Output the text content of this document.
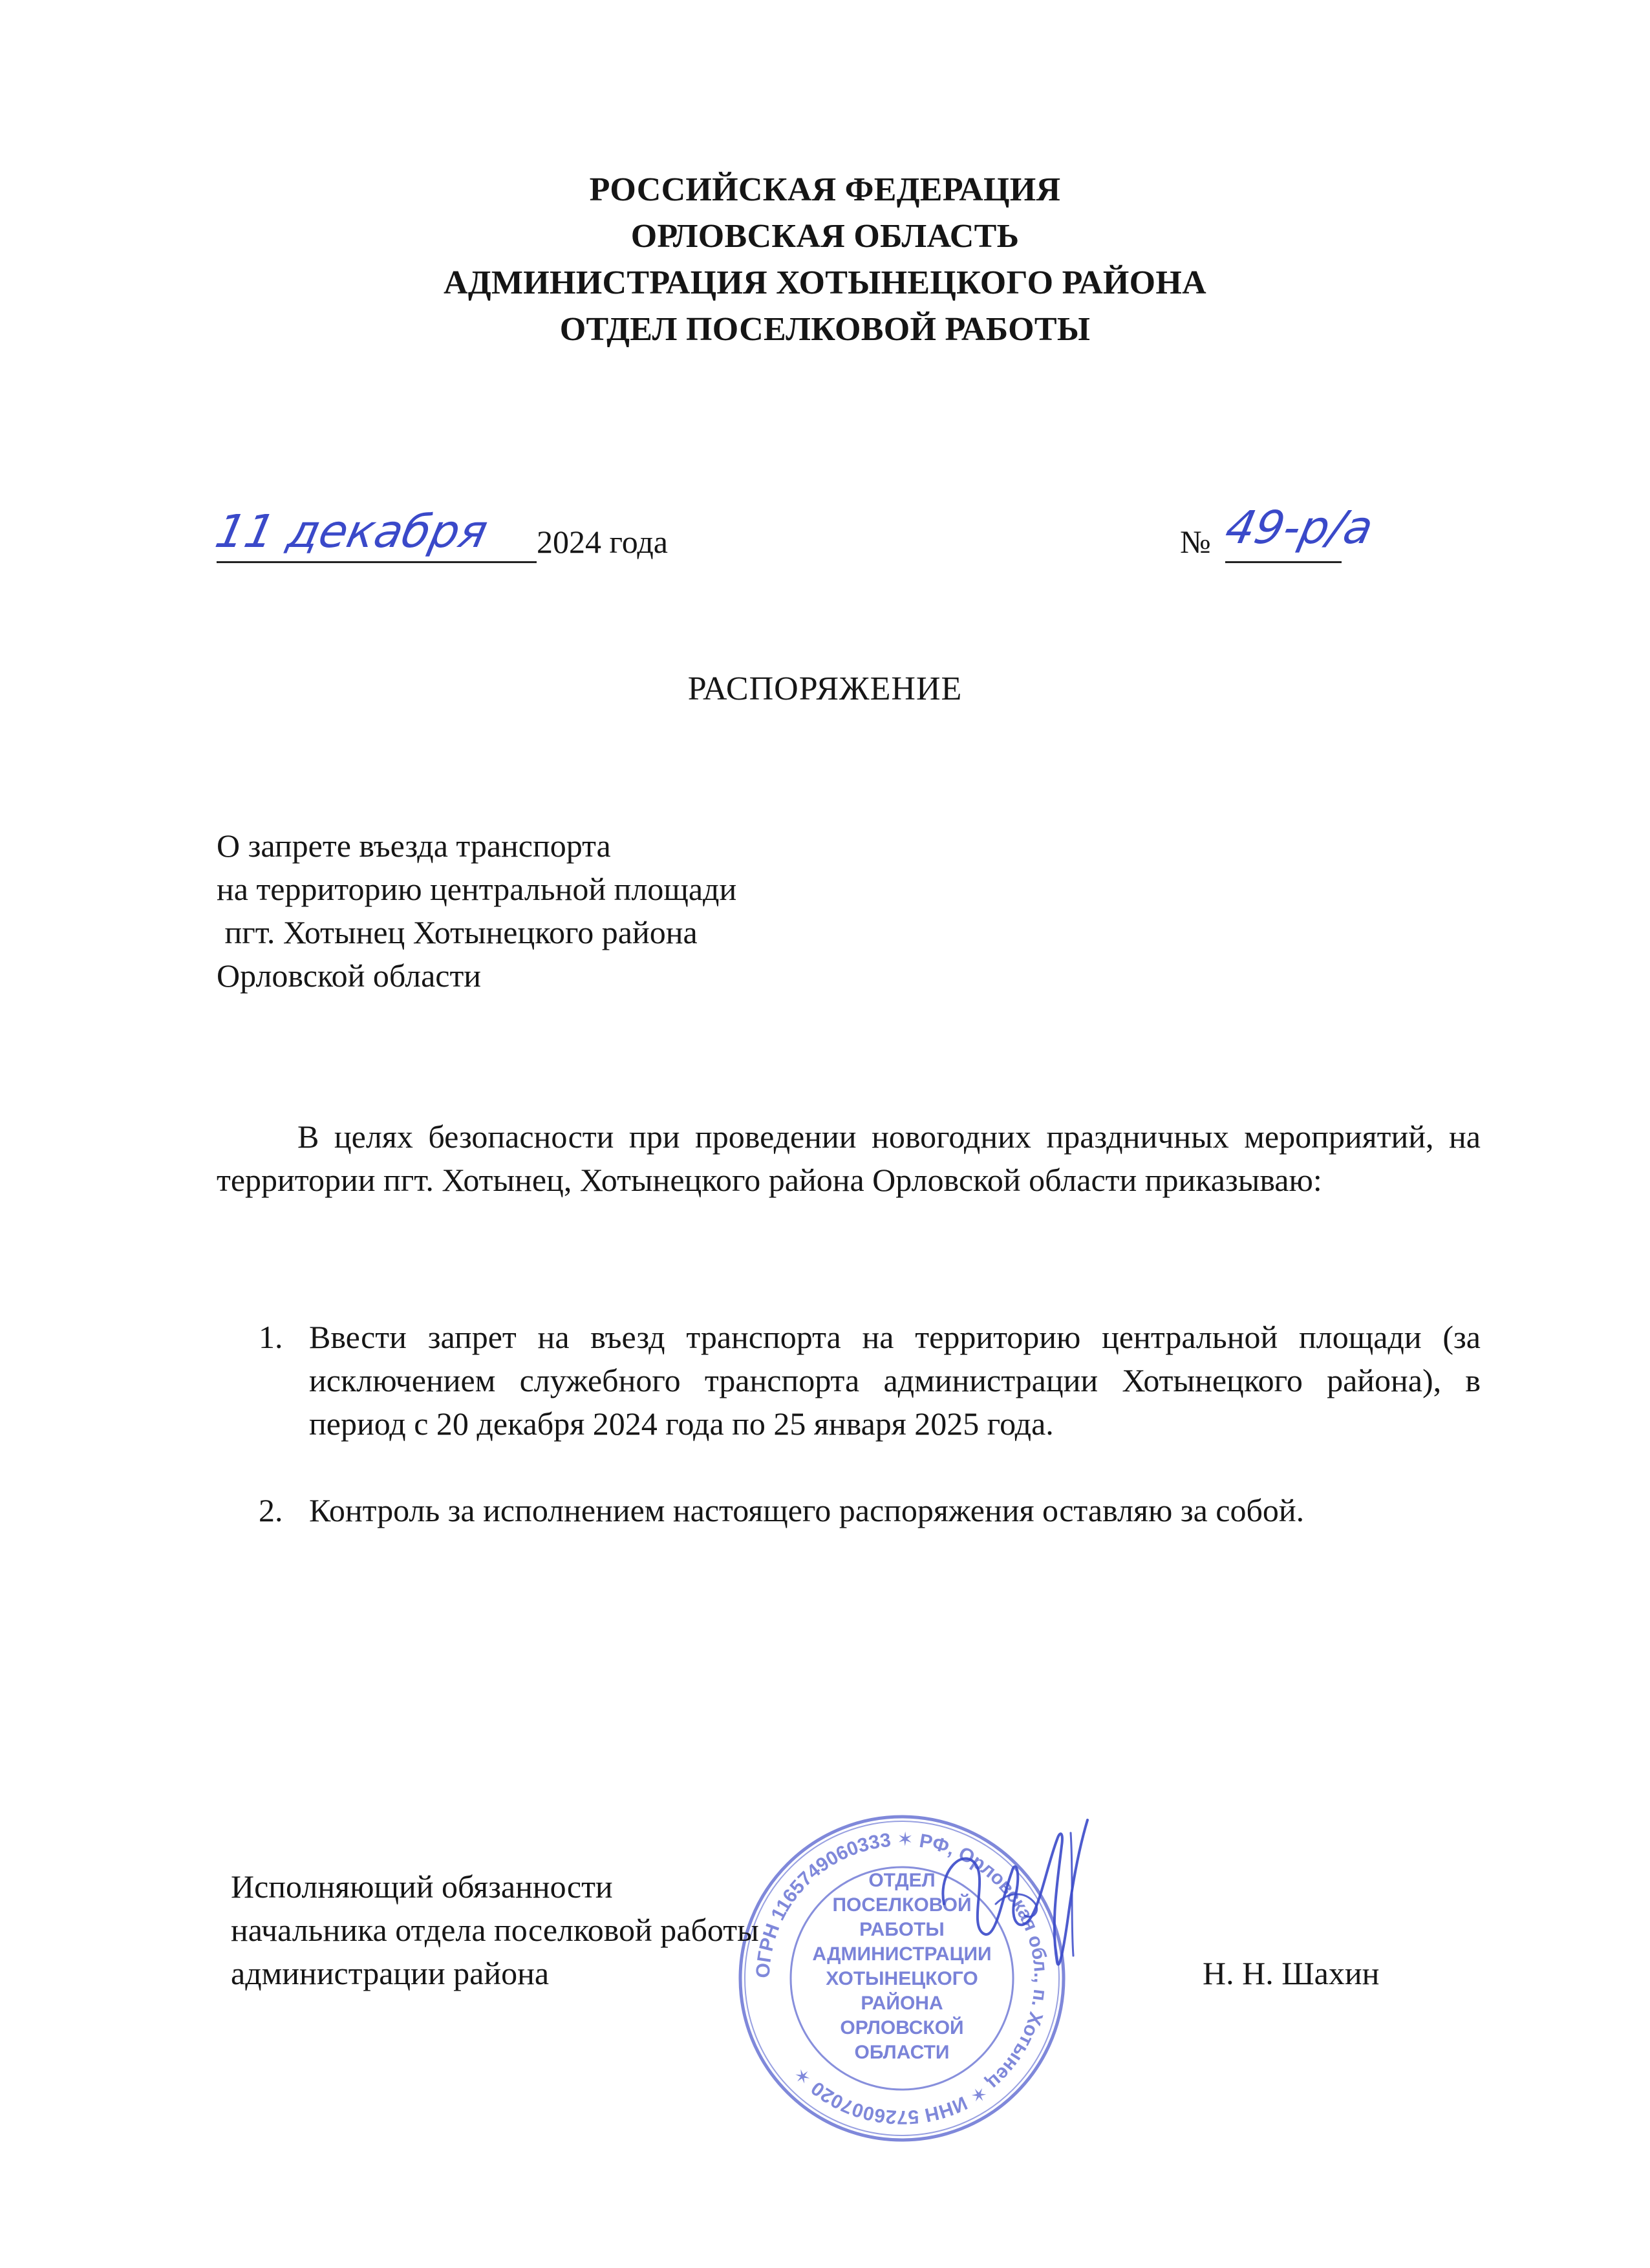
РОССИЙСКАЯ ФЕДЕРАЦИЯ
ОРЛОВСКАЯ ОБЛАСТЬ
АДМИНИСТРАЦИЯ ХОТЫНЕЦКОГО РАЙОНА
ОТДЕЛ ПОСЕЛКОВОЙ РАБОТЫ
11 декабря 2024 года	№ 49-р/а
РАСПОРЯЖЕНИЕ
О запрете въезда транспорта
на территорию центральной площади
пгт. Хотынец Хотынецкого района
Орловской области

В целях безопасности при проведении новогодних праздничных мероприятий, на территории пгт. Хотынец, Хотынецкого района Орловской области приказываю:

1. Ввести запрет на въезд транспорта на территорию центральной площади (за исключением служебного транспорта администрации Хотынецкого района), в период с 20 декабря 2024 года по 25 января 2025 года.

2. Контроль за исполнением настоящего распоряжения оставляю за собой.

ОГРН 1165749060333 ✶ РФ, Орловская обл., п. Хотынец ✶ ИНН 5726007020 ✶
ОТДЕЛ
ПОСЕЛКОВОЙ
РАБОТЫ
АДМИНИСТРАЦИИ
ХОТЫНЕЦКОГО
РАЙОНА
ОРЛОВСКОЙ
ОБЛАСТИ
Исполняющий обязанности
начальника отдела поселковой работы
администрации района	Н. Н. Шахин
